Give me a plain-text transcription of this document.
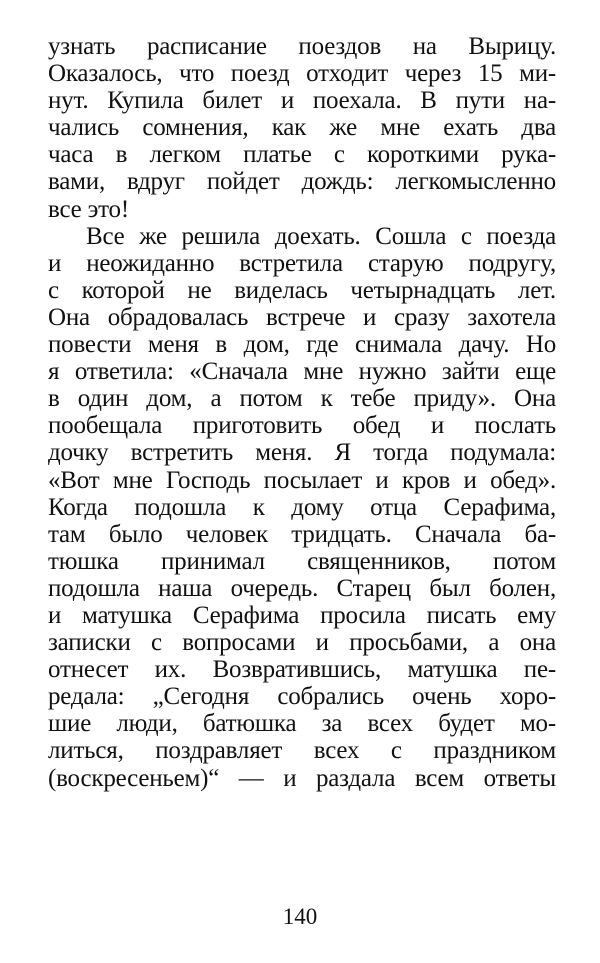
узнать расписание поездов на Вырицу.
Оказалось, что поезд отходит через 15 ми-
нут. Купила билет и поехала. В пути на-
чались сомнения, как же мне ехать два
часа в легком платье с короткими рука-
вами, вдруг пойдет дождь: легкомысленно
все это!
Все же решила доехать. Сошла с поезда
и неожиданно встретила старую подругу,
с которой не виделась четырнадцать лет.
Она обрадовалась встрече и сразу захотела
повести меня в дом, где снимала дачу. Но
я ответила: «Сначала мне нужно зайти еще
в один дом, а потом к тебе приду». Она
пообещала приготовить обед и послать
дочку встретить меня. Я тогда подумала:
«Вот мне Господь посылает и кров и обед».
Когда подошла к дому отца Серафима,
там было человек тридцать. Сначала ба-
тюшка принимал священников, потом
подошла наша очередь. Старец был болен,
и матушка Серафима просила писать ему
записки с вопросами и просьбами, а она
отнесет их. Возвратившись, матушка пе-
редала: „Сегодня собрались очень хоро-
шие люди, батюшка за всех будет мо-
литься, поздравляет всех с праздником
(воскресеньем)“ — и раздала всем ответы
140
